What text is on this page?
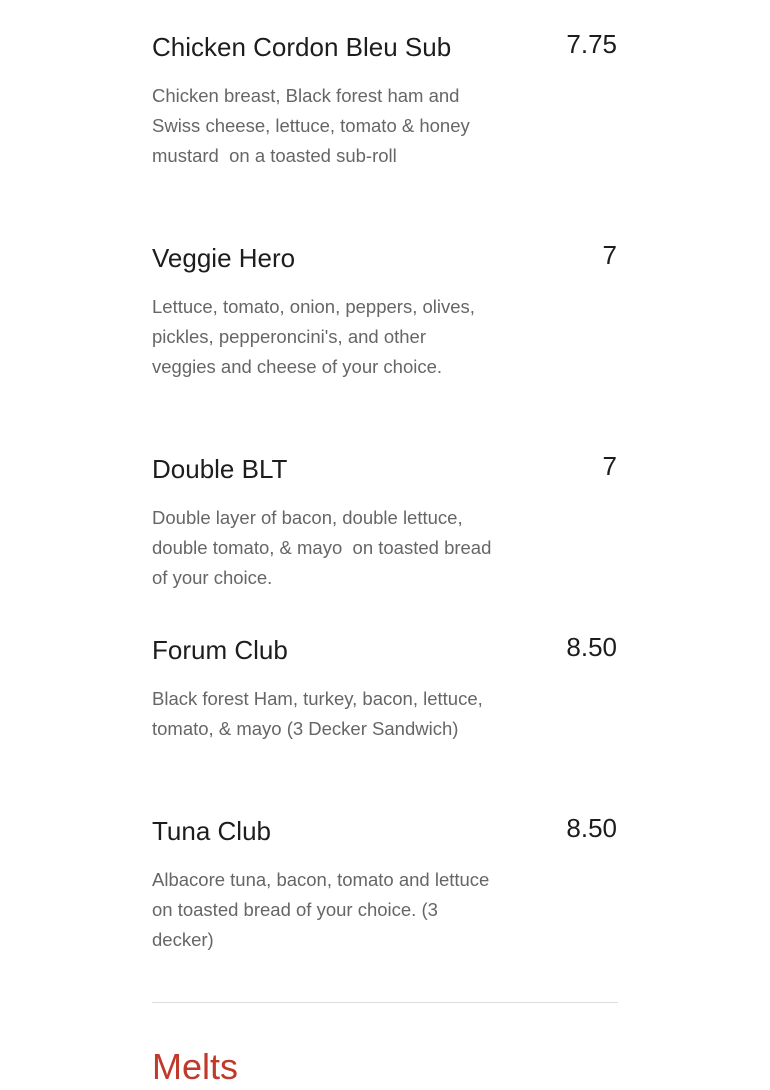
Chicken Cordon Bleu Sub	7.75
Chicken breast, Black forest ham and Swiss cheese, lettuce, tomato & honey mustard  on a toasted sub-roll
Veggie Hero	7
Lettuce, tomato, onion, peppers, olives, pickles, pepperoncini's, and other veggies and cheese of your choice.
Double BLT	7
Double layer of bacon, double lettuce, double tomato, & mayo  on toasted bread of your choice.
Forum Club	8.50
Black forest Ham, turkey, bacon, lettuce, tomato, & mayo (3 Decker Sandwich)
Tuna Club	8.50
Albacore tuna, bacon, tomato and lettuce on toasted bread of your choice. (3 decker)
Melts
